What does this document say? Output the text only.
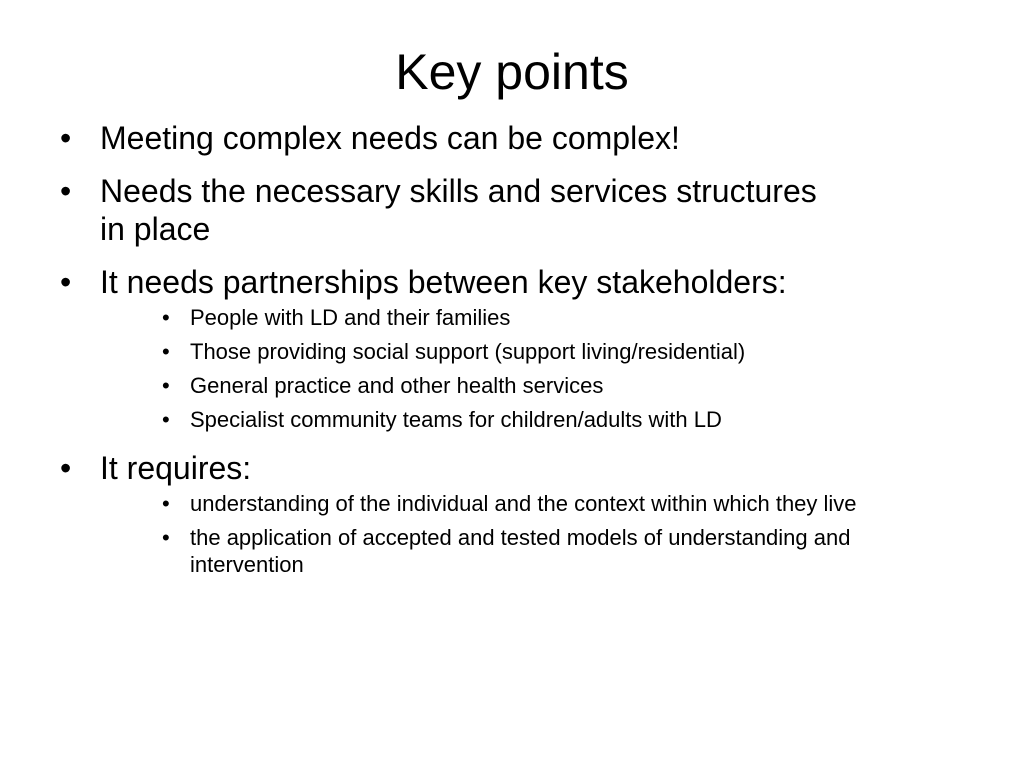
Key points
• Meeting complex needs can be complex!
• Needs the necessary skills and services structures in place
• It needs partnerships between key stakeholders:
• People with LD and their families
• Those providing social support (support living/residential)
• General practice and other health services
• Specialist community teams for children/adults with LD
• It requires:
• understanding of the individual and the context within which they live
• the application of accepted and tested models of understanding and intervention
